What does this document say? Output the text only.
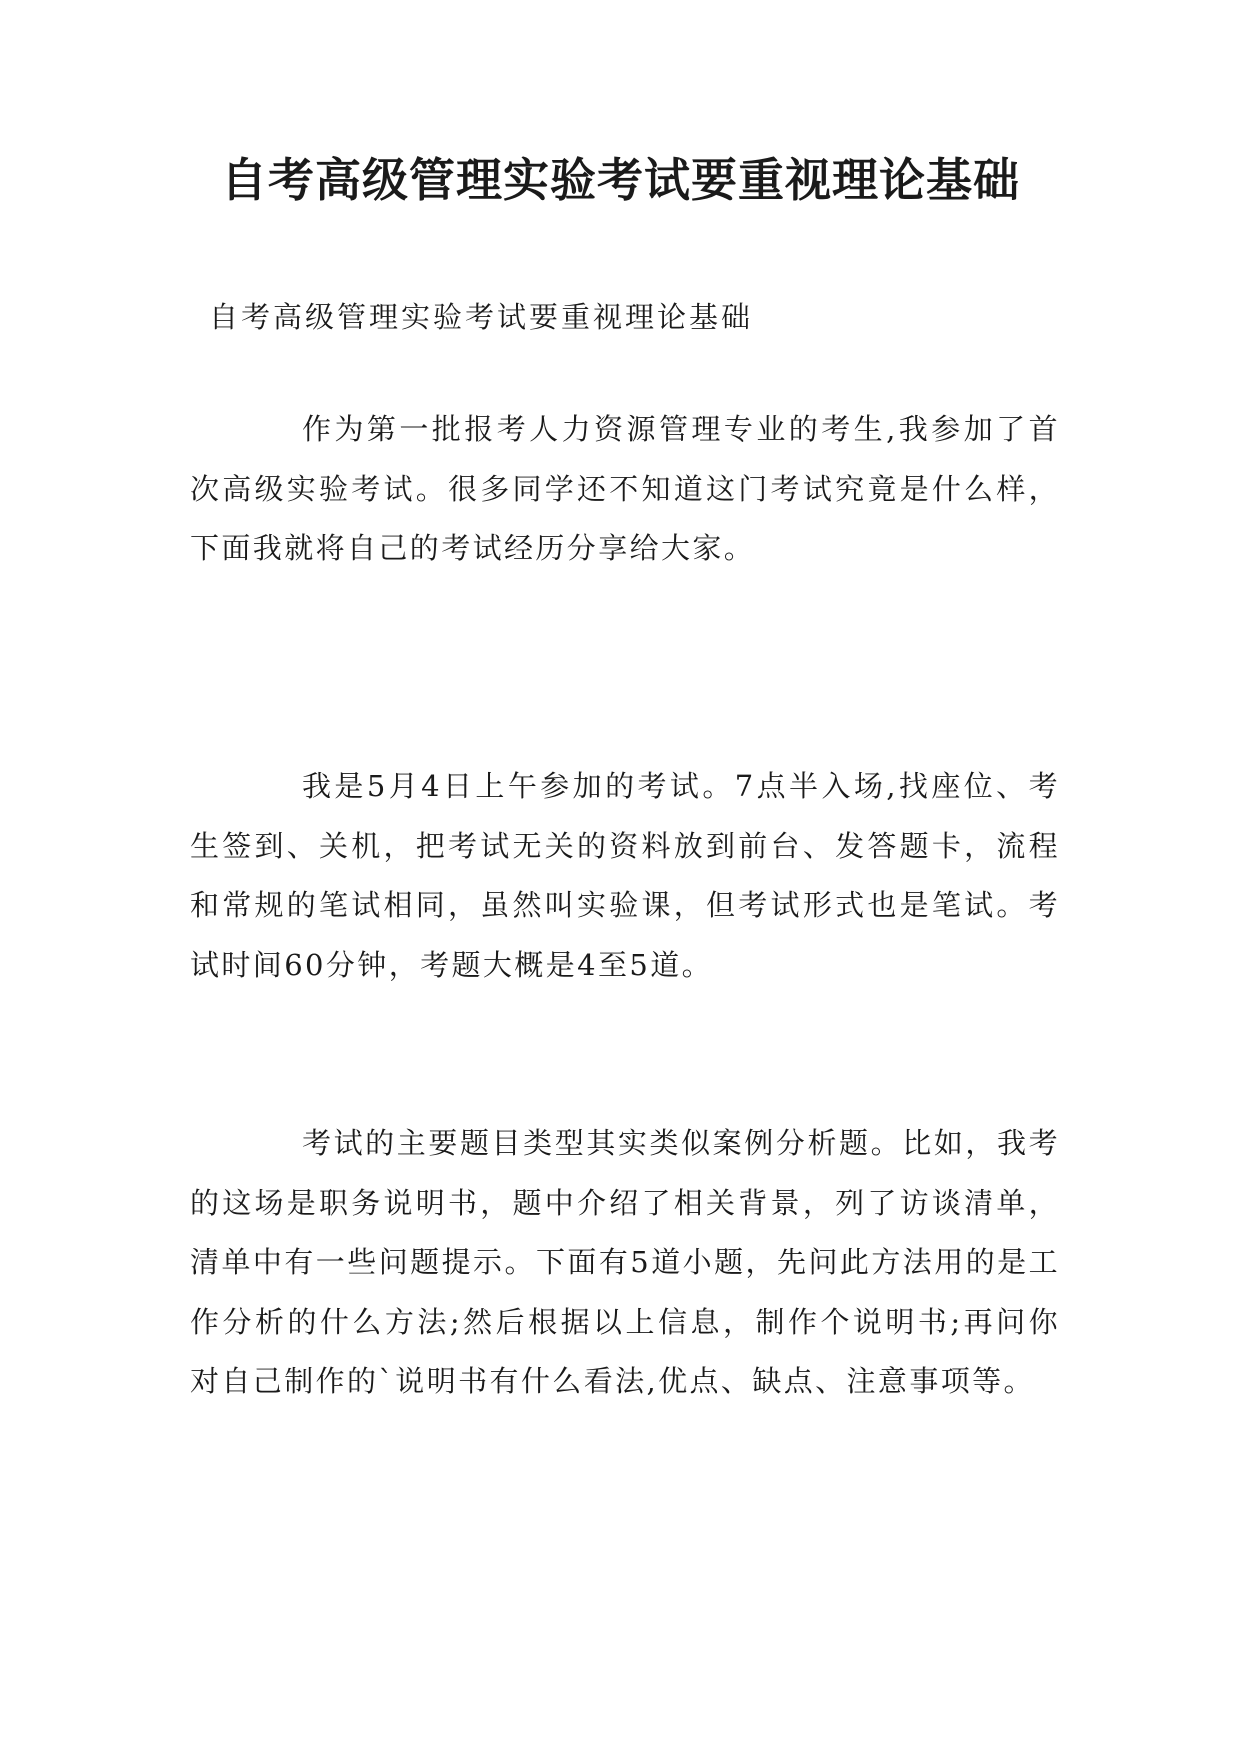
自考高级管理实验考试要重视理论基础

自考高级管理实验考试要重视理论基础

作为第一批报考人力资源管理专业的考生,我参加了首次高级实验考试。很多同学还不知道这门考试究竟是什么样，下面我就将自己的考试经历分享给大家。

我是5月4日上午参加的考试。7点半入场,找座位、考生签到、关机，把考试无关的资料放到前台、发答题卡，流程和常规的笔试相同，虽然叫实验课，但考试形式也是笔试。考试时间60分钟，考题大概是4至5道。

考试的主要题目类型其实类似案例分析题。比如，我考的这场是职务说明书，题中介绍了相关背景，列了访谈清单，清单中有一些问题提示。下面有5道小题，先问此方法用的是工作分析的什么方法;然后根据以上信息，制作个说明书;再问你对自己制作的`说明书有什么看法,优点、缺点、注意事项等。
